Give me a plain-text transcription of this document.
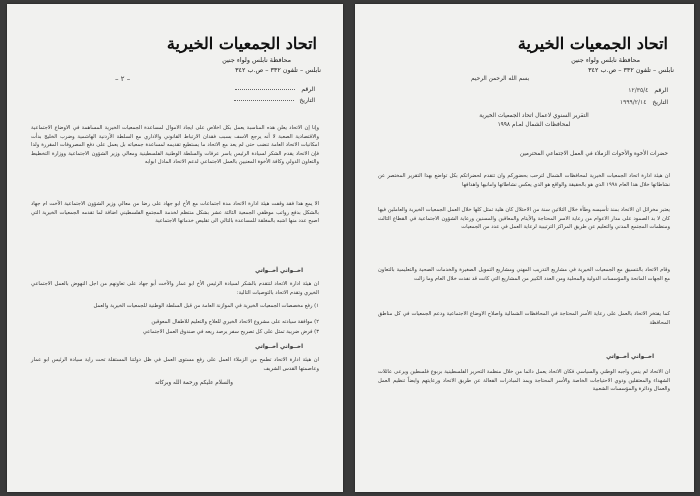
اتحاد الجمعيات الخيرية
محافظة نابلس ولواء جنين
نابلس – تلفون ٣٣٢ – ص.ب ٣٤٢
– ٢ –
الرقم
التاريخ
وإنا إن الاتحاد يعلن هذه المناسبة يعمل بكل اخلاص على ايجاد الاموال لمساعدة الجمعيات الخيرية المساهمة في الاوضاع الاجتماعية والاقتصادية الصعبة لا أنه يرجع الاسف بسبب فقدان الارتباط القانوني والاداري مع السلطة الأردنية الهاشمية وضرب الخليج بدأت امكانيات الاتحاد العامة تنضب حتى لم يعد مع الاتحاد ما يستطيع تقديمه لمساعدة جمعياته بل يعمل على دفع المصروفات المقررة ولذا فإن الاتحاد يقدم الشكر لسيادة الرئيس ياسر عرفات والسلطة الوطنية الفلسطينية ومعالي وزير الشؤون الاجتماعية ووزارة التخطيط والتعاون الدولي وكافة الأخوة المعنيين بالعمل الاجتماعي لدعم الاتحاد الماذل ابوابه
الا يمع هذا فقد وقفت هيئة ادارة الاتحاد مدة اجتماعات مع الأخ ابو جهاد على رضا من معالي وزير الشؤون الاجتماعية الأخت ام جهاد بالشكل بدفع رواتب موظفي الجمعية الثالثة عشر بشكل منتظم لخدمة المجتمع الفلسطيني اضافة لما تقدمه الجمعيات الخيرية التي اصبح عدد منها اشبه بالمغلقة للمساعدة بالتالي الى تقليص خدماتها الاجتماعية
اخــواني أخــواتي
ان هيئة ادارة الاتحاد لتتقدم بالشكر لسيادة الرئيس الأخ ابو عمار والأخت أبو جهاد على تعاونهم من اجل النهوض بالعمل الاجتماعي الخيري وتقدم الاتحاد بالتوصيات التالية:
١) رفع مخصصات الجمعيات الخيرية في الموازنة العامة من قبل السلطة الوطنية للجمعيات الخيرية والعمل
٢) موافقة سيادته على مشروع الاتحاد الخيري للعلاج والتعليم للاطفال المعوقين
٣) فرض ضريبة تمثل على كل تصريح سفر يرصد ريعه في صندوق العمل الاجتماعي
اخــواني أخــواتي
ان هيئة ادارة الاتحاد تطمح من الزملاء العمل على رفع مستوى العمل في ظل دولتنا المستقلة تحت راية سيادة الرئيس ابو عمار وعاصمتها القدس الشريف
والسلام عليكم ورحمة الله وبركاته
اتحاد الجمعيات الخيرية
محافظة نابلس ولواء جنين
نابلس – تلفون ٣٣٢ – ص.ب ٣٤٢
بسم الله الرحمن الرحيم
الرقم ١٢/٣٥/٤
التاريخ ١٩٩٩/٢/١٤
التقرير السنوي لاعمال اتحاد الجمعيات الخيرية
لمحافظات الشمال لعـام ١٩٩٨
حضرات الأخوة والأخوات الزملاء في العمل الاجتماعي المحترمين
ان هيئة ادارة اتحاد الجمعيات الخيرية لمحافظات الشمال لترحب بحضوركم وان تتقدم لحضراتكم بكل تواضع بهذا التقرير المختصر عن نشاطاتها خلال هذا العام ١٩٩٨ الذي هو بالحقيقة والواقع هو الذي يعكس نشاطاتها وامانيها واهدافها
يعتبر مخرائل ان الاتحاد بمنذ تأسيسه وطأة خلال الثلاثين سنة من الاحتلال كان هلية تمثل كلها خلال العمل الجمعيات الخيرية والعاملين فيها كان لا بد الصمود على مدار الاعوام من رعاية الاسر المحتاجة والأيتام والمعاقين والمسنين ورعاية الشؤون الاجتماعية في القطاع الثالث ومنظمات المجتمع المدني والتعليم عن طريق المراكز الترتيبية لرعاية العمل في عدد من الجمعيات
وقام الاتحاد بالتنسيق مع الجمعيات الخيرية في مشاريع التدريب المهني ومشاريع التمويل الصغيرة والخدمات الصحية والتعليمية بالتعاون مع الجهات المانحة والمؤسسات الدولية والمحلية ومن العدد الكبير من المشاريع التي كانت قد نفذت خلال العام وما زالت
كما يفتخر الاتحاد بالعمل على رعاية الأسر المحتاجة في المحافظات الشمالية واصلاح الاوضاع الاجتماعية ودعم الجمعيات في كل مناطق المحافظة
اخــواني أخــواتي
ان الاتحاد لم ينس واجبه الوطني والسياسي فكان الاتحاد يعمل دائما من خلال منظمة التحرير الفلسطينية بربوع فلسطين ويرعى عائلات الشهداء والمعتقلين وذوي الاحتياجات الخاصة والأسر المحتاجة ويمد المبادرات الفعالة عن طريق الاتحاد ورعايتهم وايضاً تنظيم العمل والعمال ودائرة والمؤسسات الشعبية
